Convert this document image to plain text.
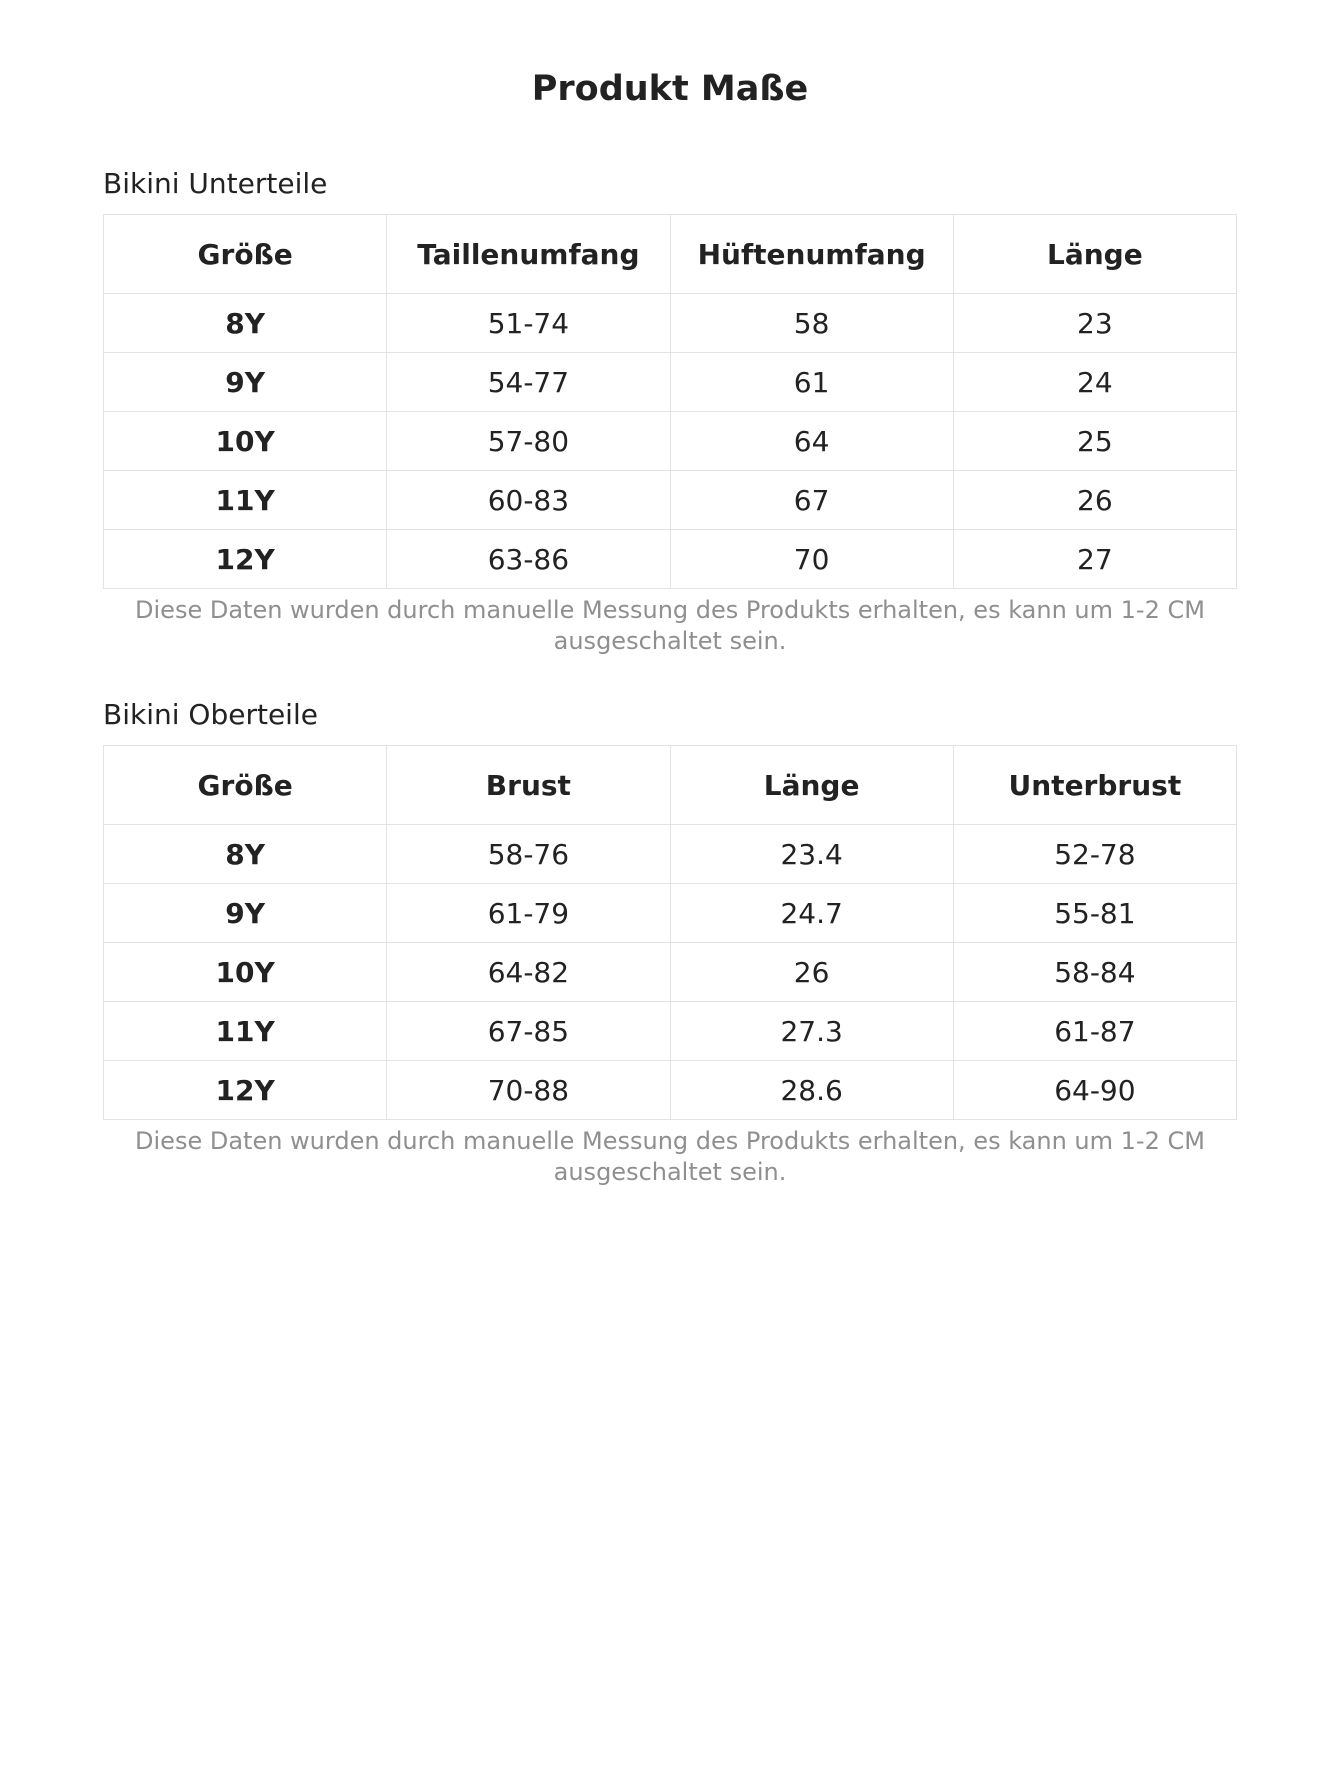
Produkt Maße
Bikini Unterteile
Größe	Taillenumfang	Hüftenumfang	Länge
8Y	51-74	58	23
9Y	54-77	61	24
10Y	57-80	64	25
11Y	60-83	67	26
12Y	63-86	70	27
Diese Daten wurden durch manuelle Messung des Produkts erhalten, es kann um 1-2 CM ausgeschaltet sein.
Bikini Oberteile
Größe	Brust	Länge	Unterbrust
8Y	58-76	23.4	52-78
9Y	61-79	24.7	55-81
10Y	64-82	26	58-84
11Y	67-85	27.3	61-87
12Y	70-88	28.6	64-90
Diese Daten wurden durch manuelle Messung des Produkts erhalten, es kann um 1-2 CM ausgeschaltet sein.
